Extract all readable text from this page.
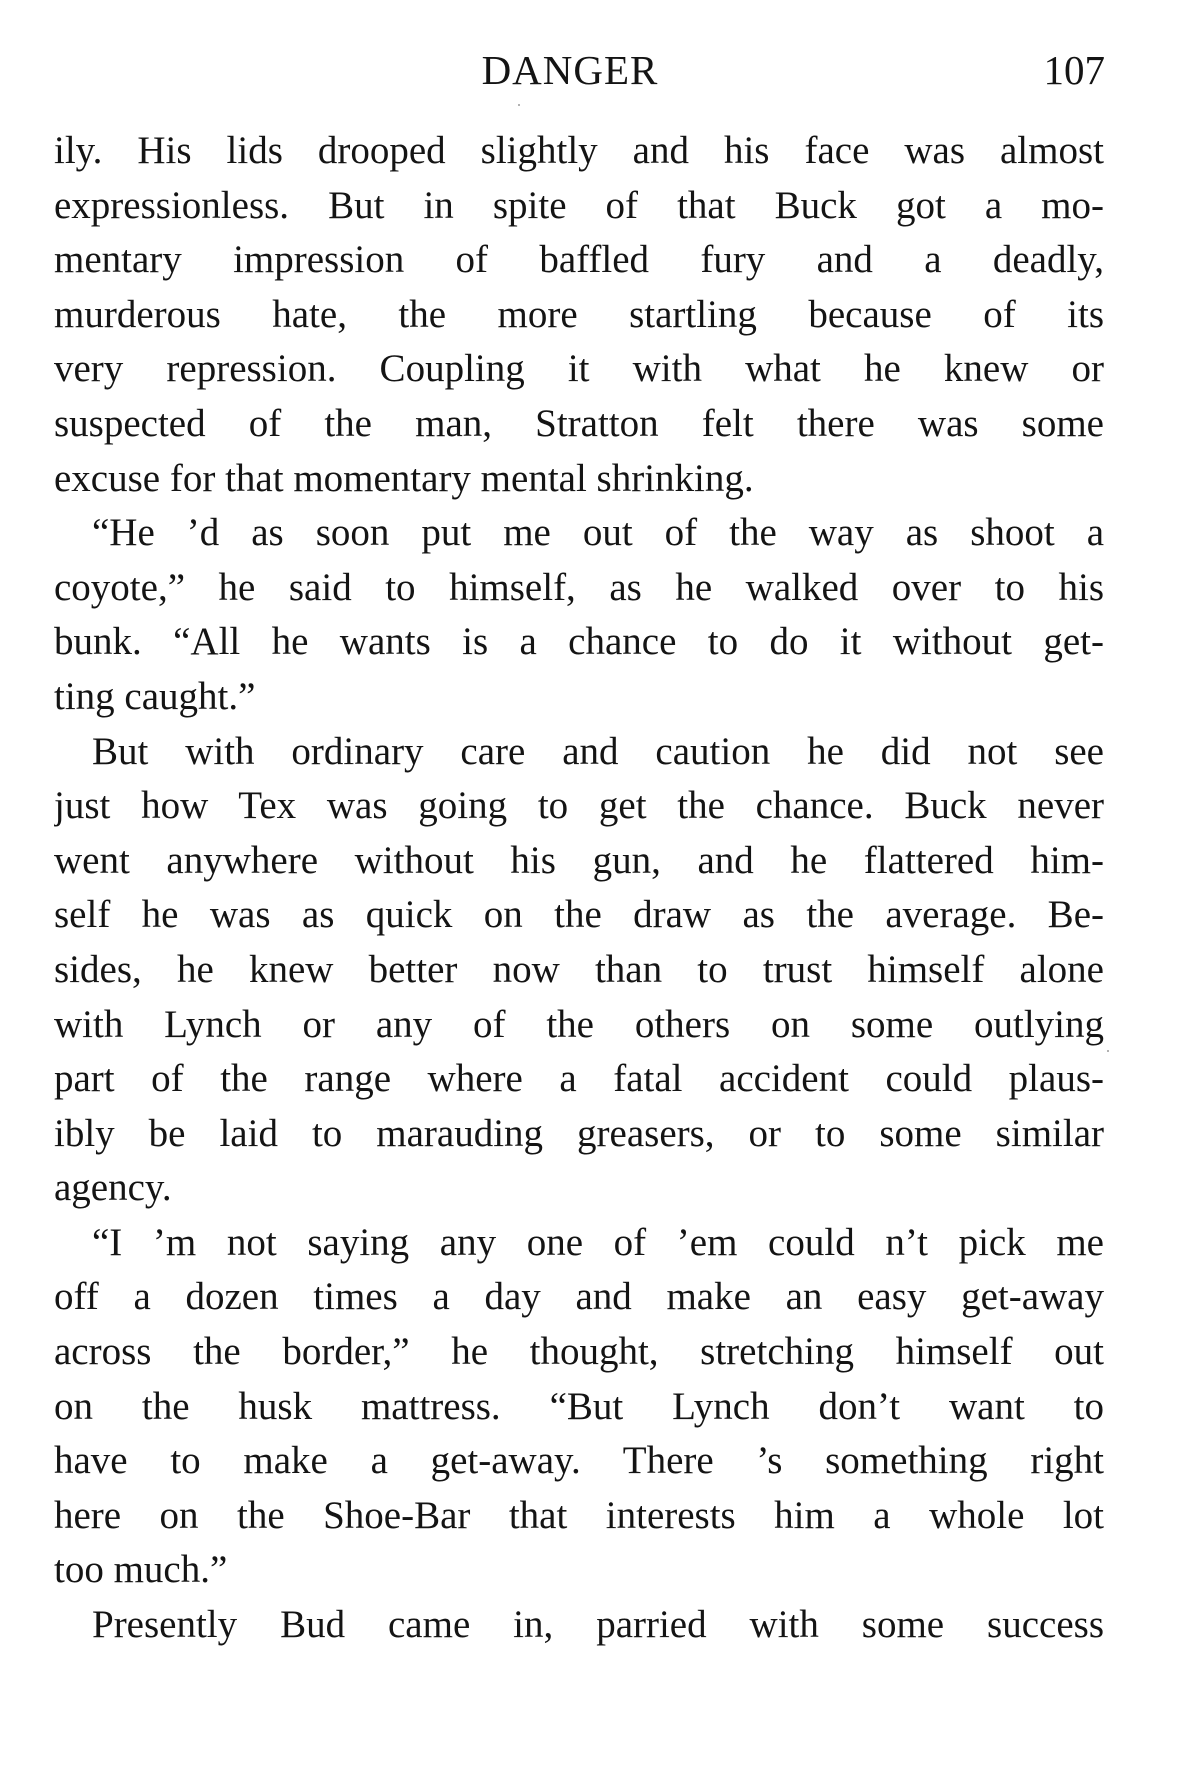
DANGER	107
ily. His lids drooped slightly and his face was almost
expressionless. But in spite of that Buck got a mo-
mentary impression of baffled fury and a deadly,
murderous hate, the more startling because of its
very repression. Coupling it with what he knew or
suspected of the man, Stratton felt there was some
excuse for that momentary mental shrinking.
“He ’d as soon put me out of the way as shoot a
coyote,” he said to himself, as he walked over to his
bunk. “All he wants is a chance to do it without get-
ting caught.”
But with ordinary care and caution he did not see
just how Tex was going to get the chance. Buck never
went anywhere without his gun, and he flattered him-
self he was as quick on the draw as the average. Be-
sides, he knew better now than to trust himself alone
with Lynch or any of the others on some outlying
part of the range where a fatal accident could plaus-
ibly be laid to marauding greasers, or to some similar
agency.
“I ’m not saying any one of ’em could n’t pick me
off a dozen times a day and make an easy get-away
across the border,” he thought, stretching himself out
on the husk mattress. “But Lynch don’t want to
have to make a get-away. There ’s something right
here on the Shoe-Bar that interests him a whole lot
too much.”
Presently Bud came in, parried with some success
